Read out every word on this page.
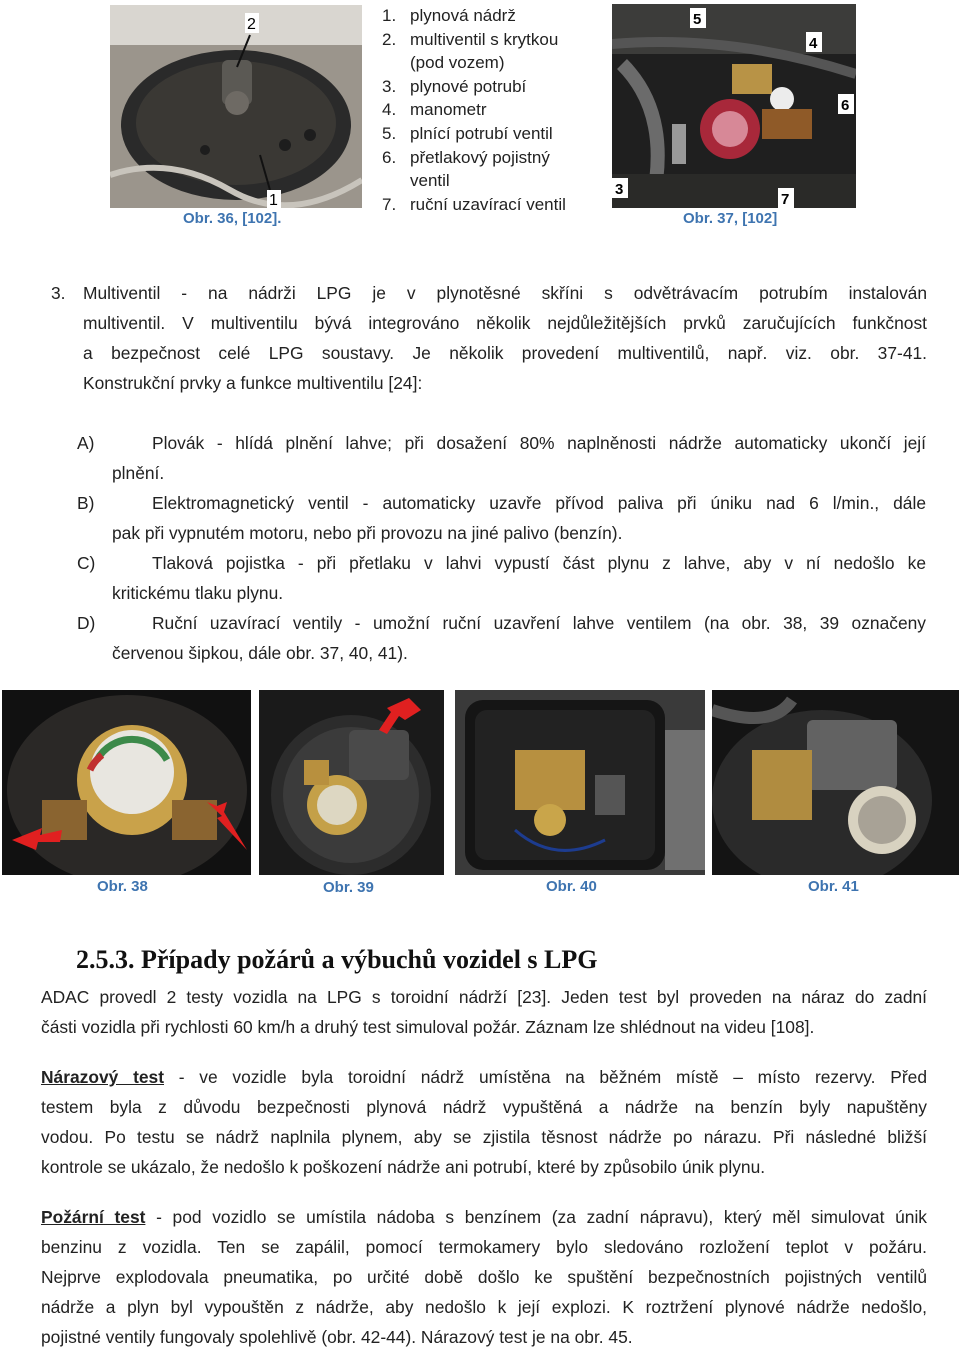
2
1
Obr. 36, [102].
1. plynová nádrž
2. multiventil s krytkou
(pod vozem)
3. plynové potrubí
4. manometr
5. plnící potrubí ventil
6. přetlakový pojistný
ventil
7. ruční uzavírací ventil
5
4
6
3
7
Obr. 37, [102]
3. Multiventil - na nádrži LPG je v plynotěsné skříni s odvětrávacím potrubím instalován
multiventil. V multiventilu bývá integrováno několik nejdůležitějších prvků zaručujících funkčnost
a bezpečnost celé LPG soustavy. Je několik provedení multiventilů, např. viz. obr. 37-41.
Konstrukční prvky a funkce multiventilu [24]:
A)	Plovák - hlídá plnění lahve; při dosažení 80% naplněnosti nádrže automaticky ukončí její
plnění.
B)	Elektromagnetický ventil - automaticky uzavře přívod paliva při úniku nad 6 l/min., dále
pak při vypnutém motoru, nebo při provozu na jiné palivo (benzín).
C)	Tlaková pojistka - při přetlaku v lahvi vypustí část plynu z lahve, aby v ní nedošlo ke
kritickému tlaku plynu.
D)	Ruční uzavírací ventily - umožní ruční uzavření lahve ventilem (na obr. 38, 39 označeny
červenou šipkou, dále obr. 37, 40, 41).
Obr. 38	Obr. 39	Obr. 40	Obr. 41
2.5.3. Případy požárů a výbuchů vozidel s LPG
ADAC provedl 2 testy vozidla na LPG s toroidní nádrží [23]. Jeden test byl proveden na náraz do zadní
části vozidla při rychlosti 60 km/h a druhý test simuloval požár. Záznam lze shlédnout na videu [108].
Nárazový test - ve vozidle byla toroidní nádrž umístěna na běžném místě – místo rezervy. Před
testem byla z důvodu bezpečnosti plynová nádrž vypuštěná a nádrže na benzín byly napuštěny
vodou. Po testu se nádrž naplnila plynem, aby se zjistila těsnost nádrže po nárazu. Při následné bližší
kontrole se ukázalo, že nedošlo k poškození nádrže ani potrubí, které by způsobilo únik plynu.
Požární test - pod vozidlo se umístila nádoba s benzínem (za zadní nápravu), který měl simulovat únik
benzinu z vozidla. Ten se zapálil, pomocí termokamery bylo sledováno rozložení teplot v požáru.
Nejprve explodovala pneumatika, po určité době došlo ke spuštění bezpečnostních pojistných ventilů
nádrže a plyn byl vypouštěn z nádrže, aby nedošlo k její explozi. K roztržení plynové nádrže nedošlo,
pojistné ventily fungovaly spolehlivě (obr. 42-44). Nárazový test je na obr. 45.
